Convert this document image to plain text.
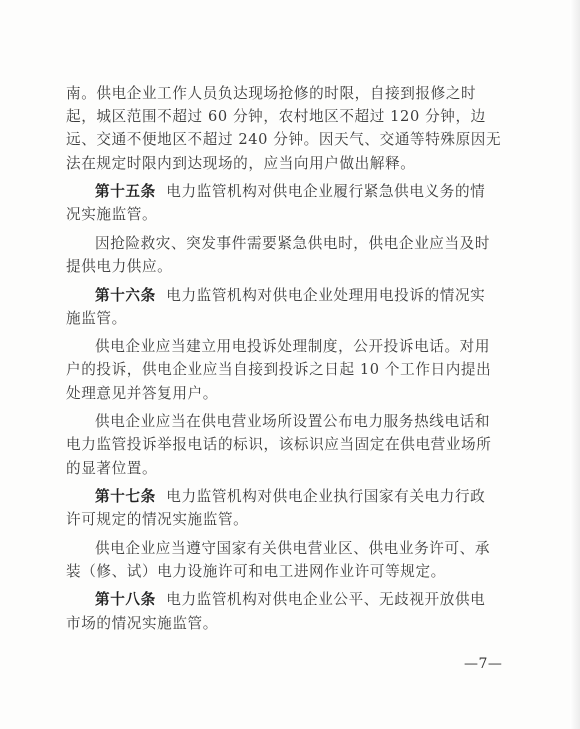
南。供电企业工作人员负达现场抢修的时限，自接到报修之时
起，城区范围不超过 60 分钟，农村地区不超过 120 分钟，边
远、交通不便地区不超过 240 分钟。因天气、交通等特殊原因无
法在规定时限内到达现场的，应当向用户做出解释。
第十五条 电力监管机构对供电企业履行紧急供电义务的情
况实施监管。
因抢险救灾、突发事件需要紧急供电时，供电企业应当及时
提供电力供应。
第十六条 电力监管机构对供电企业处理用电投诉的情况实
施监管。
供电企业应当建立用电投诉处理制度，公开投诉电话。对用
户的投诉，供电企业应当自接到投诉之日起 10 个工作日内提出
处理意见并答复用户。
供电企业应当在供电营业场所设置公布电力服务热线电话和
电力监管投诉举报电话的标识，该标识应当固定在供电营业场所
的显著位置。
第十七条 电力监管机构对供电企业执行国家有关电力行政
许可规定的情况实施监管。
供电企业应当遵守国家有关供电营业区、供电业务许可、承
装（修、试）电力设施许可和电工进网作业许可等规定。
第十八条 电力监管机构对供电企业公平、无歧视开放供电
市场的情况实施监管。
—7—
